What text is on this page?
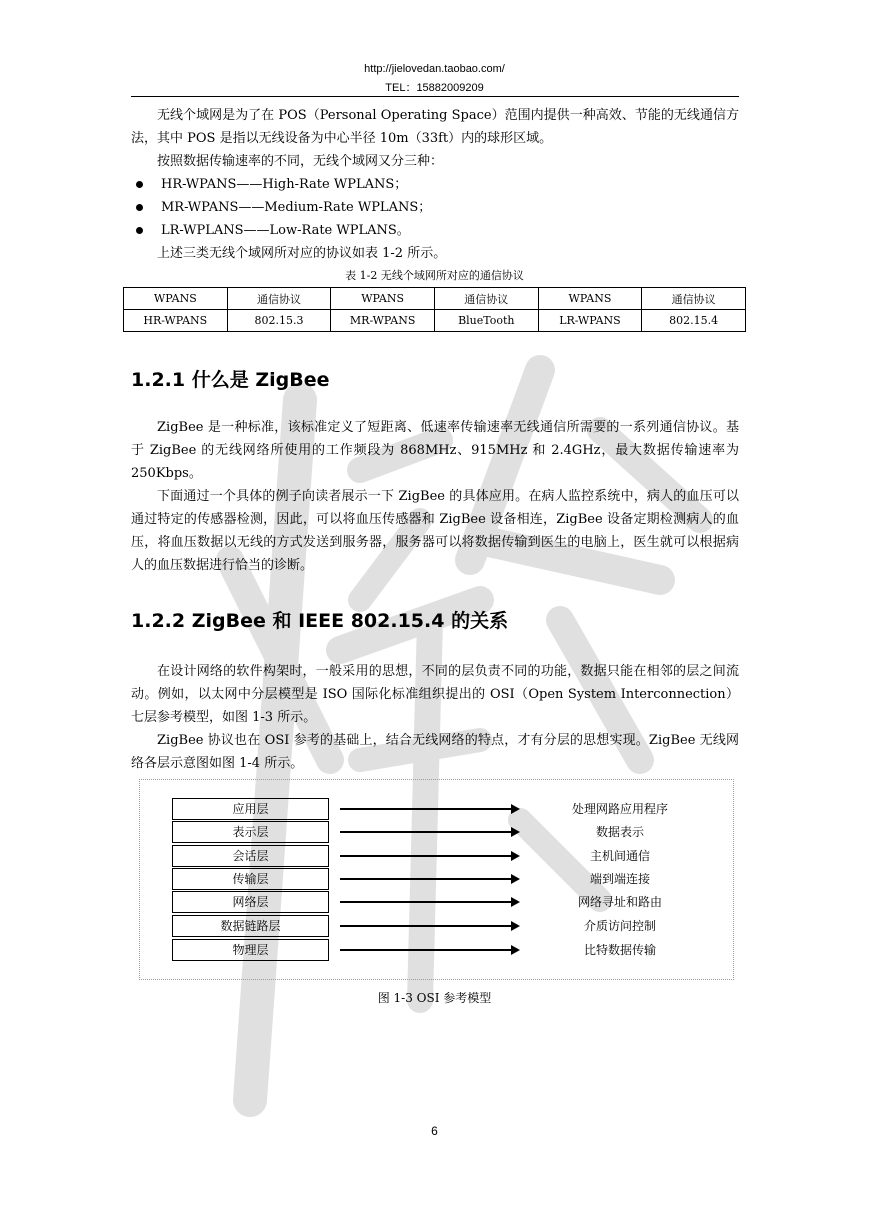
http://jielovedan.taobao.com/
TEL：15882009209

无线个域网是为了在 POS（Personal Operating Space）范围内提供一种高效、节能的无线通信方法，其中 POS 是指以无线设备为中心半径 10m（33ft）内的球形区域。

按照数据传输速率的不同，无线个域网又分三种：

HR-WPANS——High-Rate WPLANS；
MR-WPANS——Medium-Rate WPLANS；
LR-WPLANS——Low-Rate WPLANS。

上述三类无线个域网所对应的协议如表 1-2 所示。

表 1-2 无线个域网所对应的通信协议
WPANS	通信协议	WPANS	通信协议	WPANS	通信协议
HR-WPANS	802.15.3	MR-WPANS	BlueTooth	LR-WPANS	802.15.4
1.2.1 什么是 ZigBee

ZigBee 是一种标准，该标准定义了短距离、低速率传输速率无线通信所需要的一系列通信协议。基于 ZigBee 的无线网络所使用的工作频段为 868MHz、915MHz 和 2.4GHz，最大数据传输速率为 250Kbps。

下面通过一个具体的例子向读者展示一下 ZigBee 的具体应用。在病人监控系统中，病人的血压可以通过特定的传感器检测，因此，可以将血压传感器和 ZigBee 设备相连，ZigBee 设备定期检测病人的血压，将血压数据以无线的方式发送到服务器，服务器可以将数据传输到医生的电脑上，医生就可以根据病人的血压数据进行恰当的诊断。

1.2.2 ZigBee 和 IEEE 802.15.4 的关系

在设计网络的软件构架时，一般采用的思想，不同的层负责不同的功能，数据只能在相邻的层之间流动。例如，以太网中分层模型是 ISO 国际化标准组织提出的 OSI（Open System Interconnection）七层参考模型，如图 1-3 所示。

ZigBee 协议也在 OSI 参考的基础上，结合无线网络的特点，才有分层的思想实现。ZigBee 无线网络各层示意图如图 1-4 所示。

应用层
表示层
会话层
传输层
网络层
数据链路层
物理层
处理网路应用程序
数据表示
主机间通信
端到端连接
网络寻址和路由
介质访问控制
比特数据传输
图 1-3 OSI 参考模型
6
